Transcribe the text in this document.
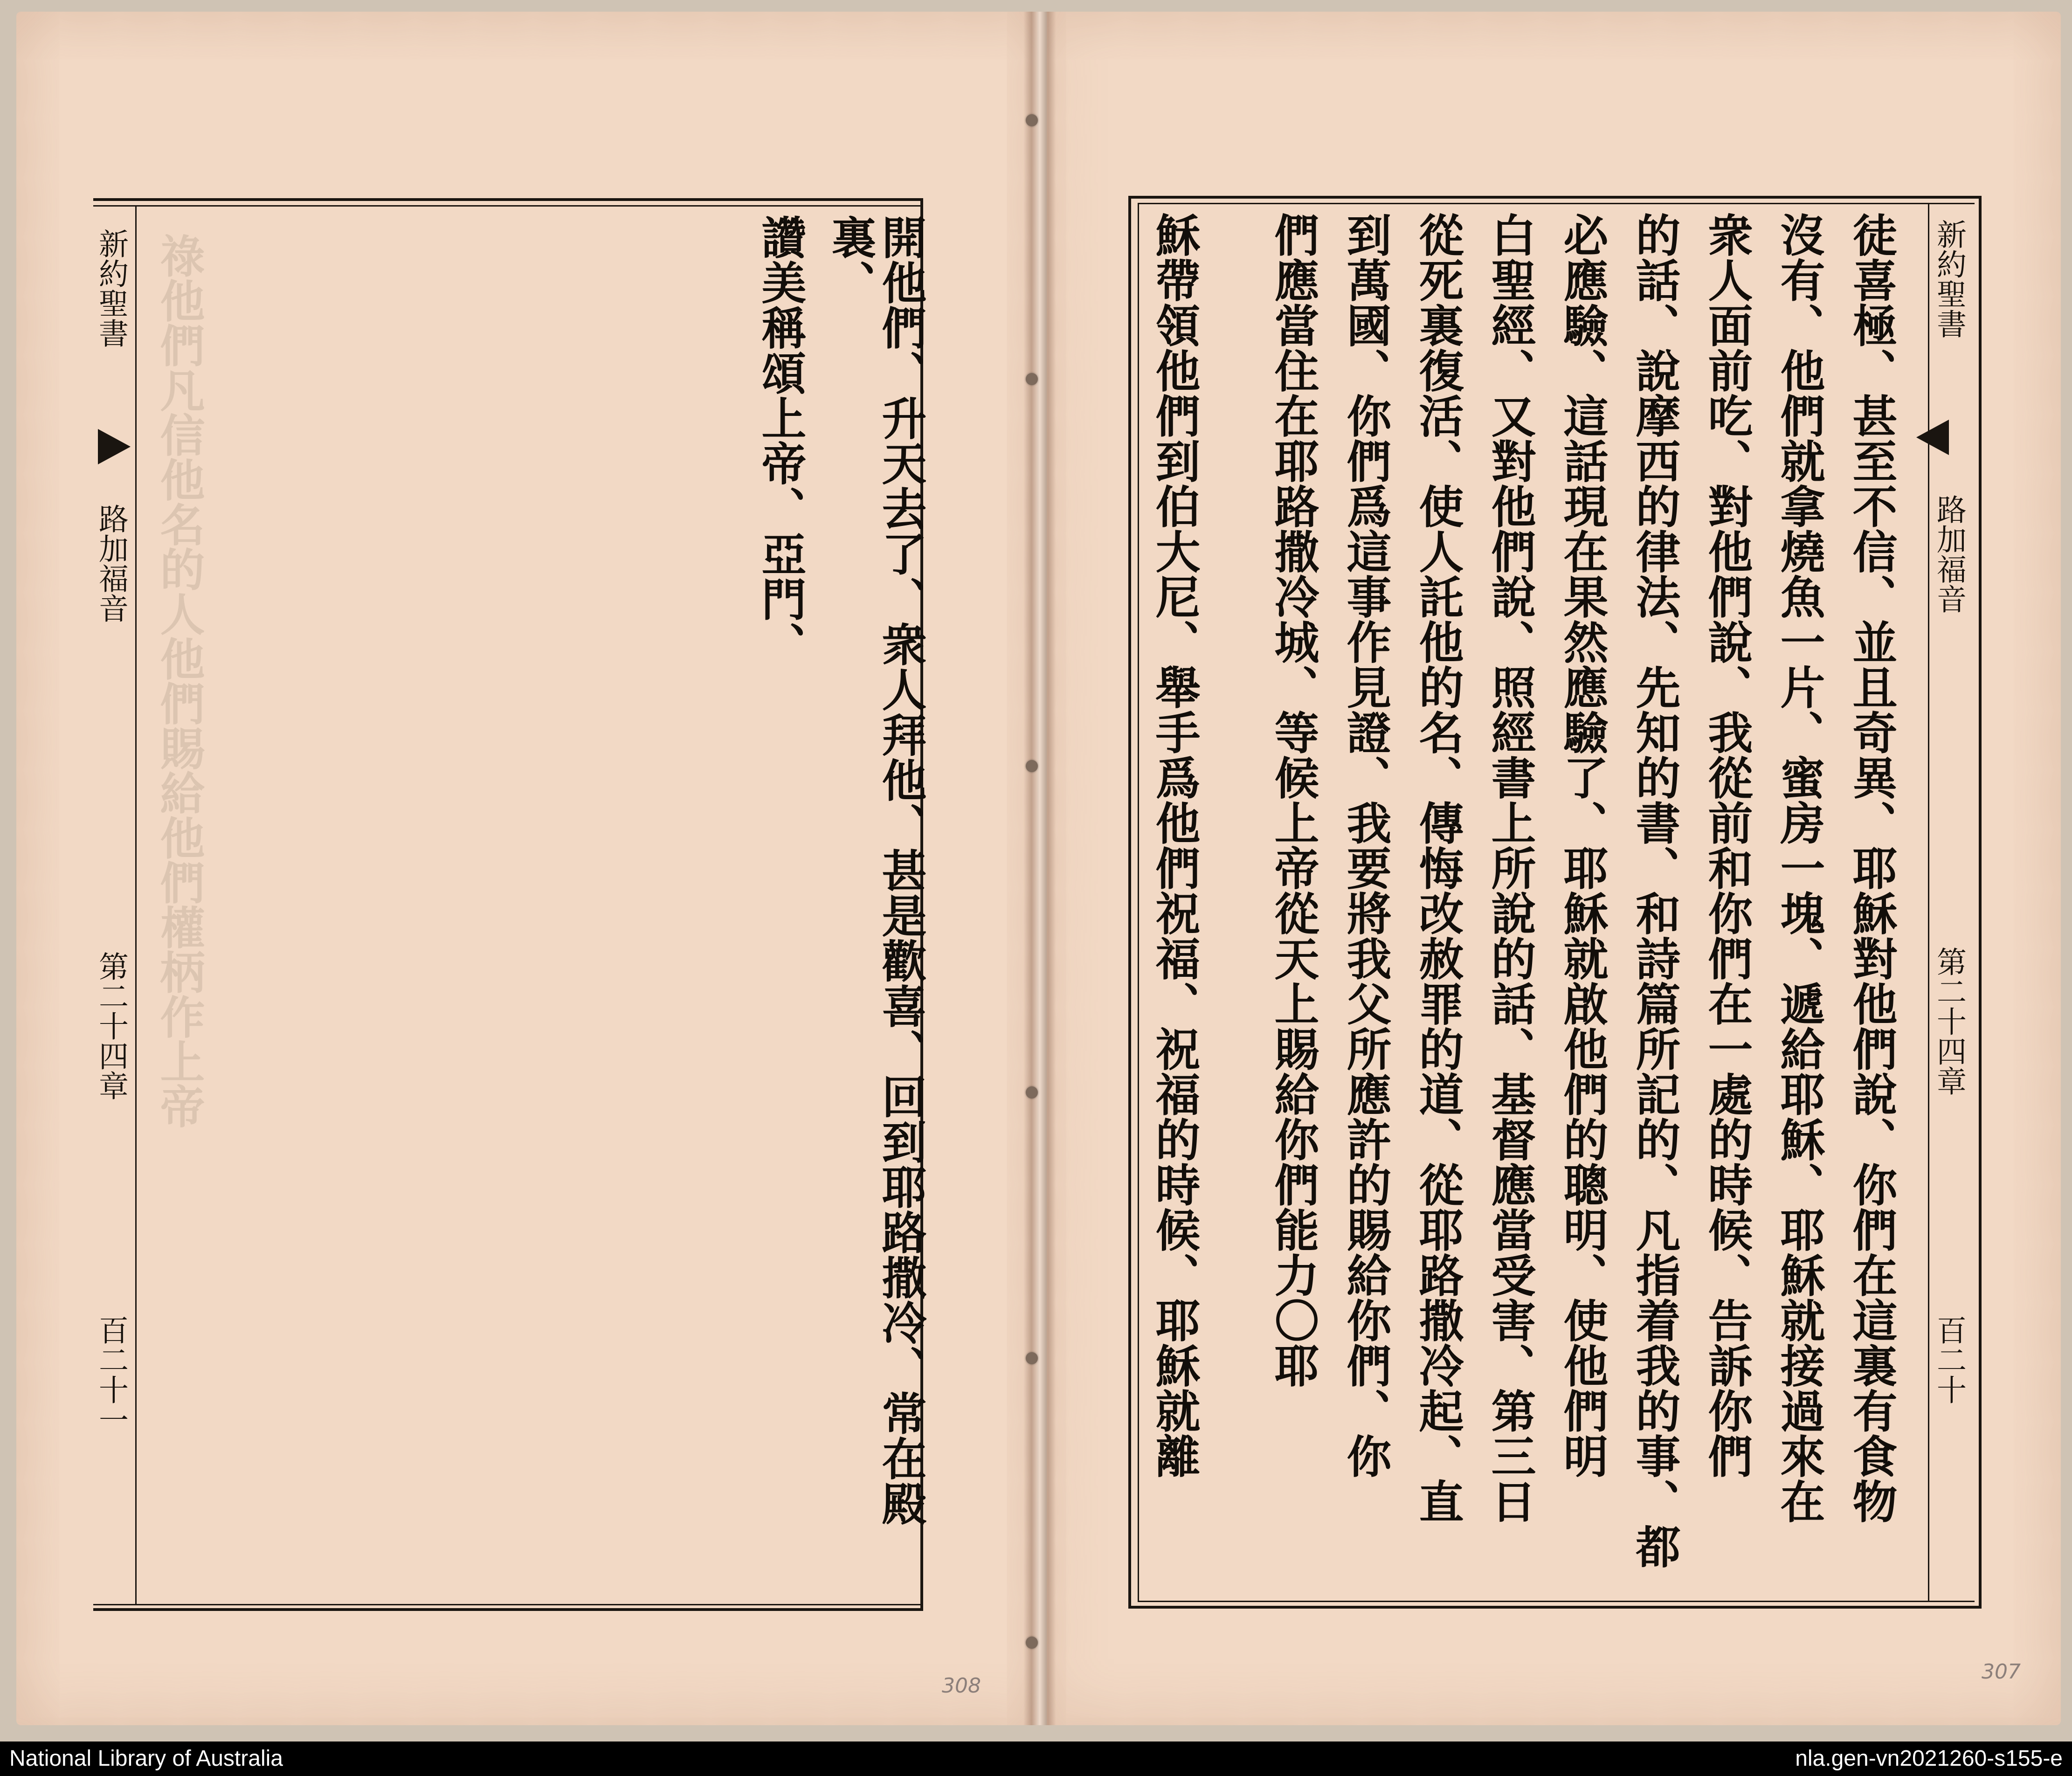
新約聖書
路加福音
第二十四章
百二十一
祿他們凡信他名的人他們賜給他們權柄作上帝	開他們、升天去了、衆人拜他、甚是歡喜、回到耶路撒冷、常在殿裏、
讚美稱頌上帝、亞門、
308
新約聖書
路加福音
第二十四章
百二十
徒喜極、甚至不信、並且奇異、耶穌對他們說、你們在這裏有食物
沒有、他們就拿燒魚一片、蜜房一塊、遞給耶穌、耶穌就接過來在
衆人面前吃、對他們說、我從前和你們在一處的時候、告訴你們
的話、說摩西的律法、先知的書、和詩篇所記的、凡指着我的事、都
必應驗、這話現在果然應驗了、耶穌就啟他們的聰明、使他們明
白聖經、又對他們說、照經書上所說的話、基督應當受害、第三日
從死裏復活、使人託他的名、傳悔改赦罪的道、從耶路撒冷起、直
到萬國、你們爲這事作見證、我要將我父所應許的賜給你們、你
們應當住在耶路撒冷城、等候上帝從天上賜給你們能力〇耶
穌帶領他們到伯大尼、舉手爲他們祝福、祝福的時候、耶穌就離
307
National Library of Australia	nla.gen-vn2021260-s155-e
